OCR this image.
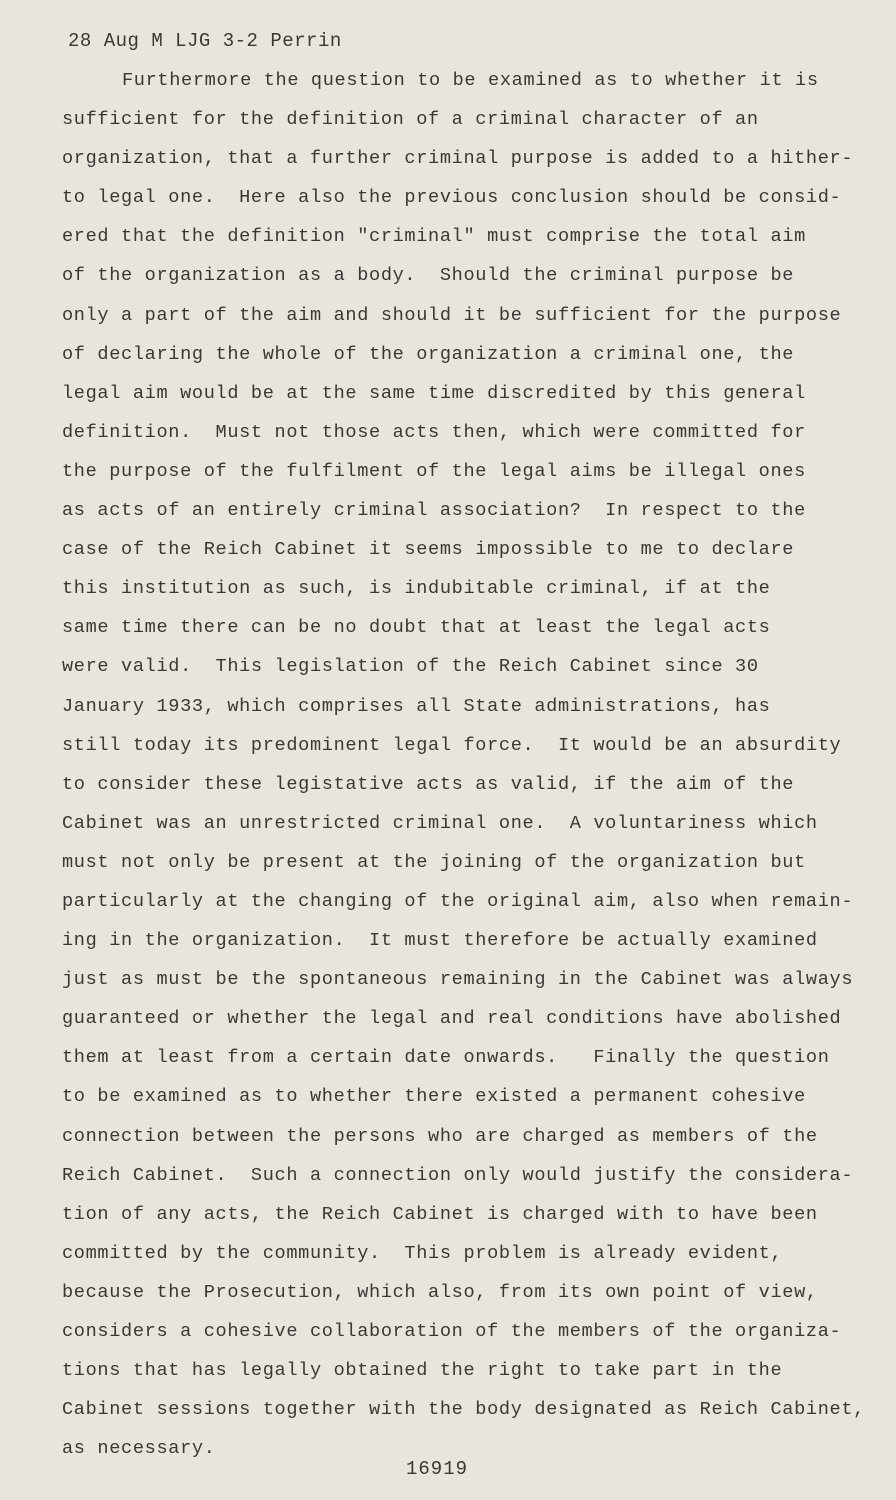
28 Aug M LJG 3-2 Perrin
Furthermore the question to be examined as to whether it is
sufficient for the definition of a criminal character of an
organization, that a further criminal purpose is added to a hither-
to legal one.  Here also the previous conclusion should be consid-
ered that the definition "criminal" must comprise the total aim
of the organization as a body.  Should the criminal purpose be
only a part of the aim and should it be sufficient for the purpose
of declaring the whole of the organization a criminal one, the
legal aim would be at the same time discredited by this general
definition.  Must not those acts then, which were committed for
the purpose of the fulfilment of the legal aims be illegal ones
as acts of an entirely criminal association?  In respect to the
case of the Reich Cabinet it seems impossible to me to declare
this institution as such, is indubitable criminal, if at the
same time there can be no doubt that at least the legal acts
were valid.  This legislation of the Reich Cabinet since 30
January 1933, which comprises all State administrations, has
still today its predominent legal force.  It would be an absurdity
to consider these legistative acts as valid, if the aim of the
Cabinet was an unrestricted criminal one.  A voluntariness which
must not only be present at the joining of the organization but
particularly at the changing of the original aim, also when remain-
ing in the organization.  It must therefore be actually examined
just as must be the spontaneous remaining in the Cabinet was always
guaranteed or whether the legal and real conditions have abolished
them at least from a certain date onwards.   Finally the question
to be examined as to whether there existed a permanent cohesive
connection between the persons who are charged as members of the
Reich Cabinet.  Such a connection only would justify the considera-
tion of any acts, the Reich Cabinet is charged with to have been
committed by the community.  This problem is already evident,
because the Prosecution, which also, from its own point of view,
considers a cohesive collaboration of the members of the organiza-
tions that has legally obtained the right to take part in the
Cabinet sessions together with the body designated as Reich Cabinet,
as necessary.
16919
